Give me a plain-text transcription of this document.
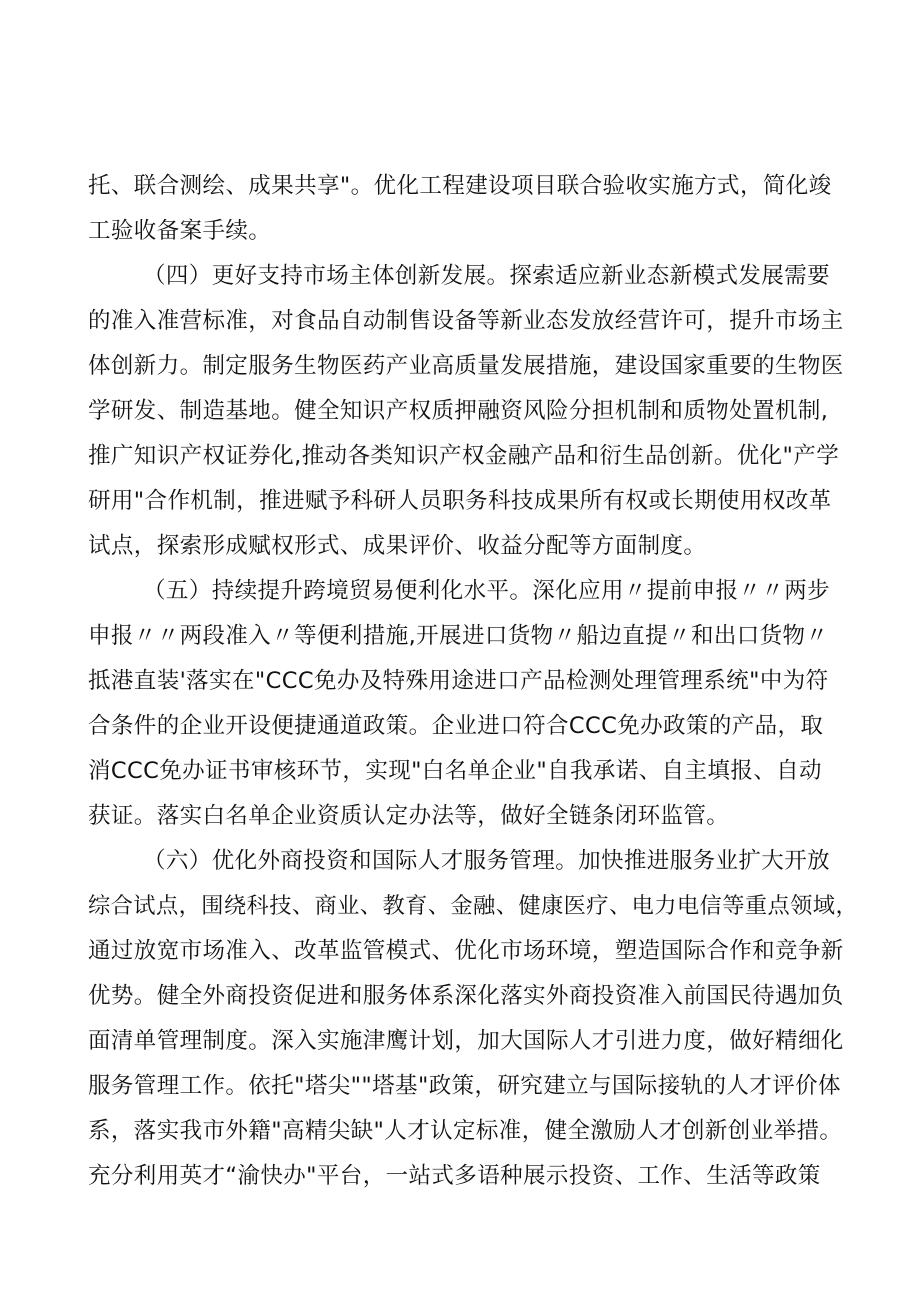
托、联合测绘、成果共享"。优化工程建设项目联合验收实施方式，简化竣
工验收备案手续。
（四）更好支持市场主体创新发展。探索适应新业态新模式发展需要
的准入准营标准，对食品自动制售设备等新业态发放经营许可，提升市场主
体创新力。制定服务生物医药产业高质量发展措施，建设国家重要的生物医
学研发、制造基地。健全知识产权质押融资风险分担机制和质物处置机制,
推广知识产权证券化,推动各类知识产权金融产品和衍生品创新。优化"产学
研用"合作机制，推进赋予科研人员职务科技成果所有权或长期使用权改革
试点，探索形成赋权形式、成果评价、收益分配等方面制度。
（五）持续提升跨境贸易便利化水平。深化应用〃提前申报〃〃两步
申报〃〃两段准入〃等便利措施,开展进口货物〃船边直提〃和出口货物〃
抵港直装'落实在"CCC免办及特殊用途进口产品检测处理管理系统"中为符
合条件的企业开设便捷通道政策。企业进口符合CCC免办政策的产品，取
消CCC免办证书审核环节，实现"白名单企业"自我承诺、自主填报、自动
获证。落实白名单企业资质认定办法等，做好全链条闭环监管。
（六）优化外商投资和国际人才服务管理。加快推进服务业扩大开放
综合试点，围绕科技、商业、教育、金融、健康医疗、电力电信等重点领域，
通过放宽市场准入、改革监管模式、优化市场环境，塑造国际合作和竞争新
优势。健全外商投资促进和服务体系深化落实外商投资准入前国民待遇加负
面清单管理制度。深入实施津鹰计划，加大国际人才引进力度，做好精细化
服务管理工作。依托"塔尖""塔基"政策，研究建立与国际接轨的人才评价体
系，落实我市外籍"高精尖缺"人才认定标准，健全激励人才创新创业举措。
充分利用英才“渝快办"平台，一站式多语种展示投资、工作、生活等政策
